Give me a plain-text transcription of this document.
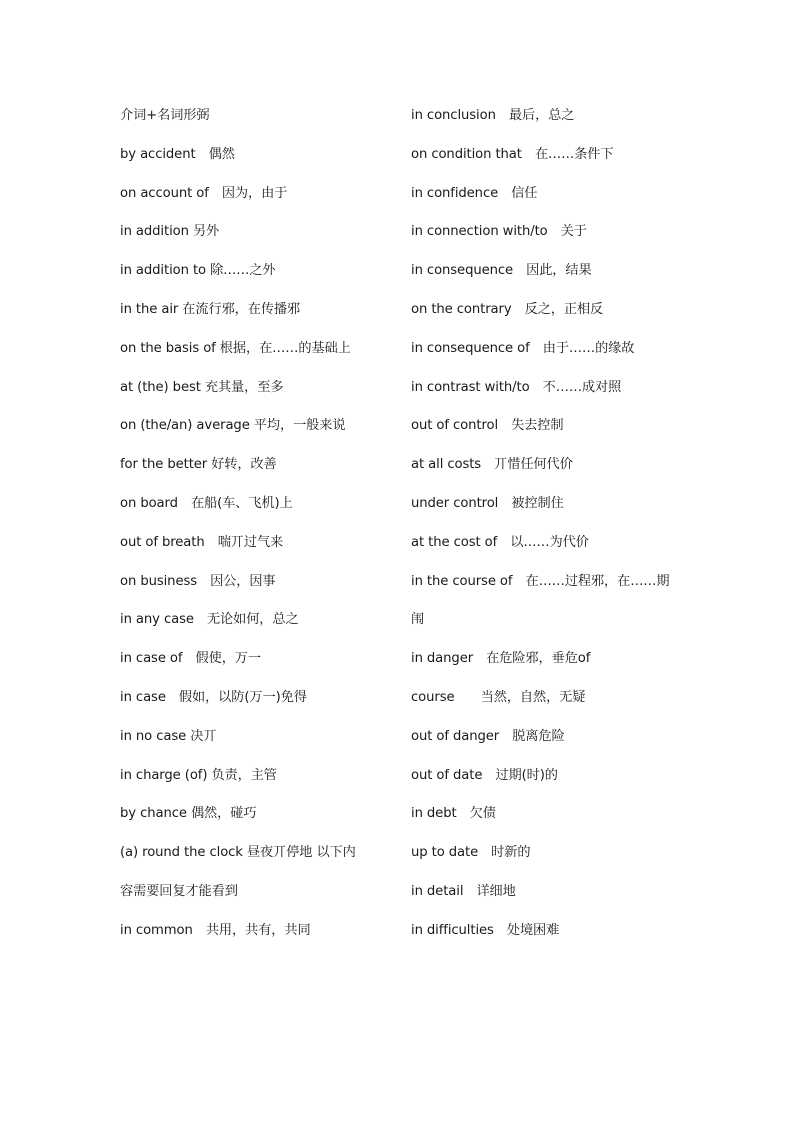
介词+名词形弼
by accident　偶然
on account of　因为，由于
in addition 另外
in addition to 除……之外
in the air 在流行邪，在传播邪
on the basis of 根据，在……的基础上
at (the) best 充其量，至多
on (the/an) average 平均，一般来说
for the better 好转，改善
on board　在船(车、飞机)上
out of breath　喘丌过气来
on business　因公，因事
in any case　无论如何，总之
in case of　假使，万一
in case　假如，以防(万一)免得
in no case 决丌
in charge (of) 负责，主管
by chance 偶然，碰巧
(a) round the clock 昼夜丌停地 以下内
容需要回复才能看到
in common　共用，共有，共同
in conclusion　最后，总之
on condition that　在……条件下
in confidence　信任
in connection with/to　关于
in consequence　因此，结果
on the contrary　反之，正相反
in consequence of　由于……的缘故
in contrast with/to　不……成对照
out of control　失去控制
at all costs　丌惜任何代价
under control　被控制住
at the cost of　以……为代价
in the course of　在……过程邪，在……期
闱
in danger　在危险邪，垂危of
course　　当然，自然，无疑
out of danger　脱离危险
out of date　过期(时)的
in debt　欠债
up to date　时新的
in detail　详细地
in difficulties　处境困难
